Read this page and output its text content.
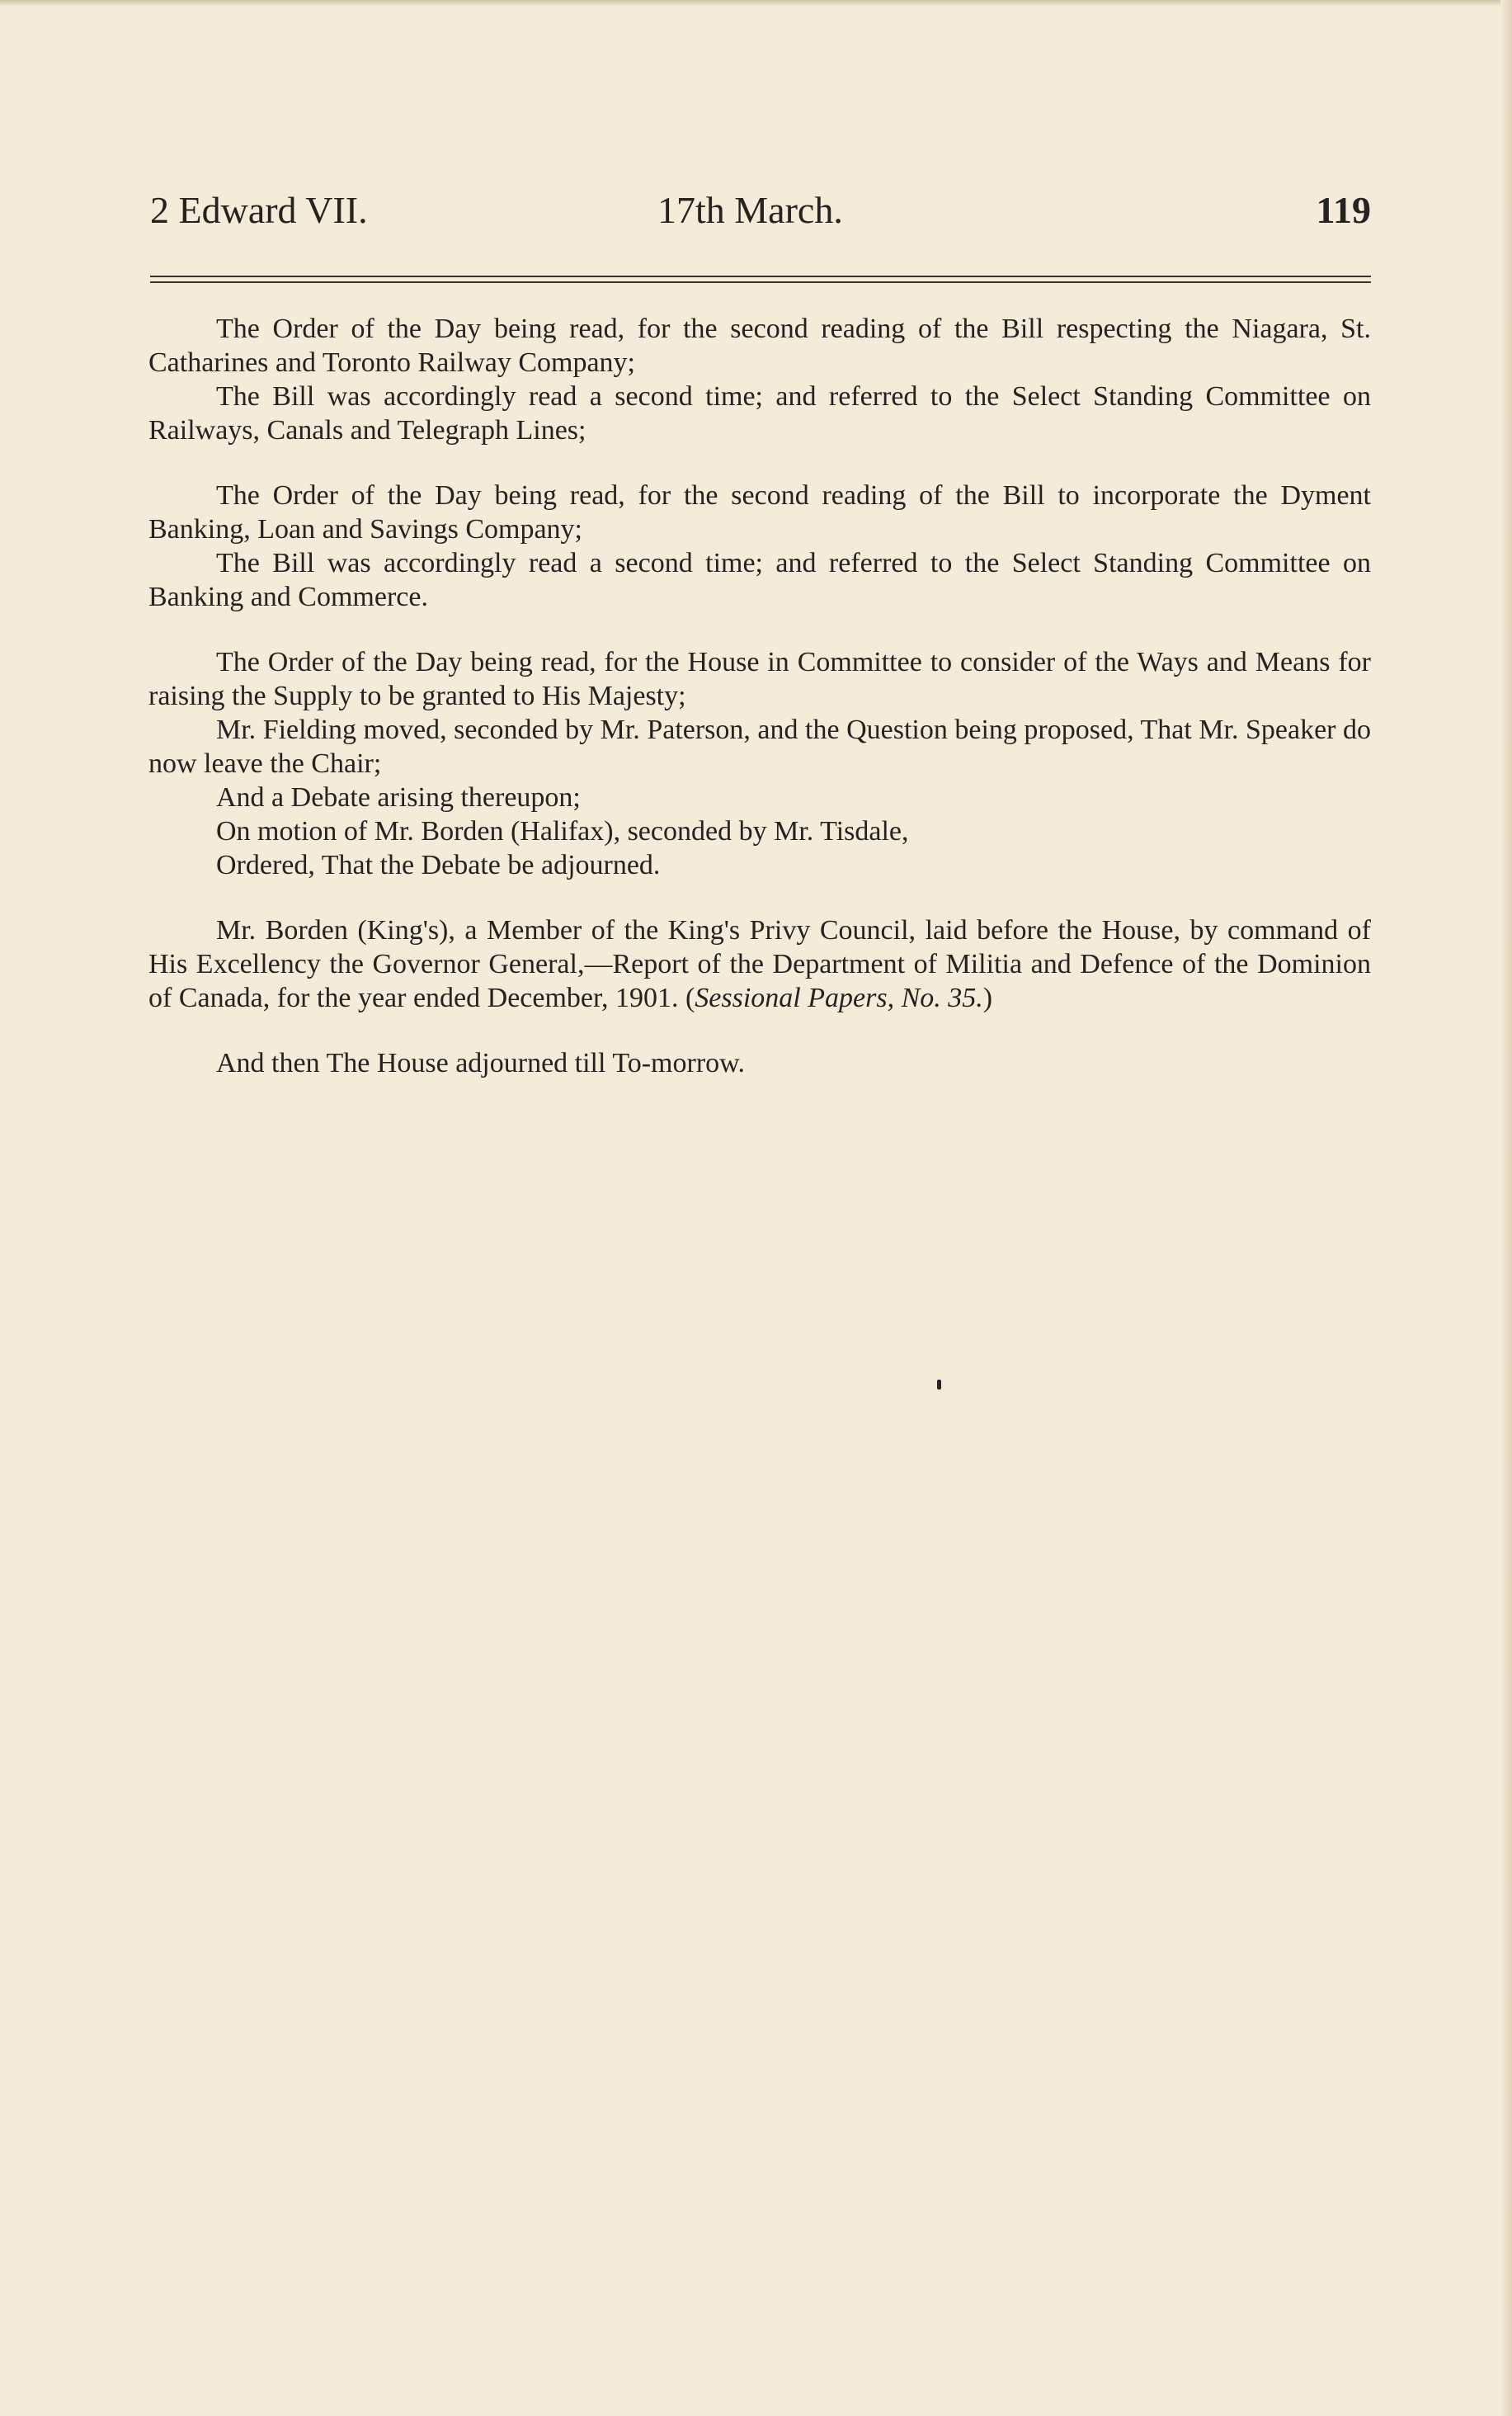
2 Edward VII.	17th March.	119

The Order of the Day being read, for the second reading of the Bill respecting the Niagara, St. Catharines and Toronto Railway Company;

The Bill was accordingly read a second time; and referred to the Select Standing Committee on Railways, Canals and Telegraph Lines;

The Order of the Day being read, for the second reading of the Bill to incorporate the Dyment Banking, Loan and Savings Company;

The Bill was accordingly read a second time; and referred to the Select Standing Committee on Banking and Commerce.

The Order of the Day being read, for the House in Committee to consider of the Ways and Means for raising the Supply to be granted to His Majesty;

Mr. Fielding moved, seconded by Mr. Paterson, and the Question being proposed, That Mr. Speaker do now leave the Chair;

And a Debate arising thereupon;

On motion of Mr. Borden (Halifax), seconded by Mr. Tisdale,

Ordered, That the Debate be adjourned.

Mr. Borden (King's), a Member of the King's Privy Council, laid before the House, by command of His Excellency the Governor General,—Report of the Department of Militia and Defence of the Dominion of Canada, for the year ended December, 1901. (Sessional Papers, No. 35.)

And then The House adjourned till To-morrow.
